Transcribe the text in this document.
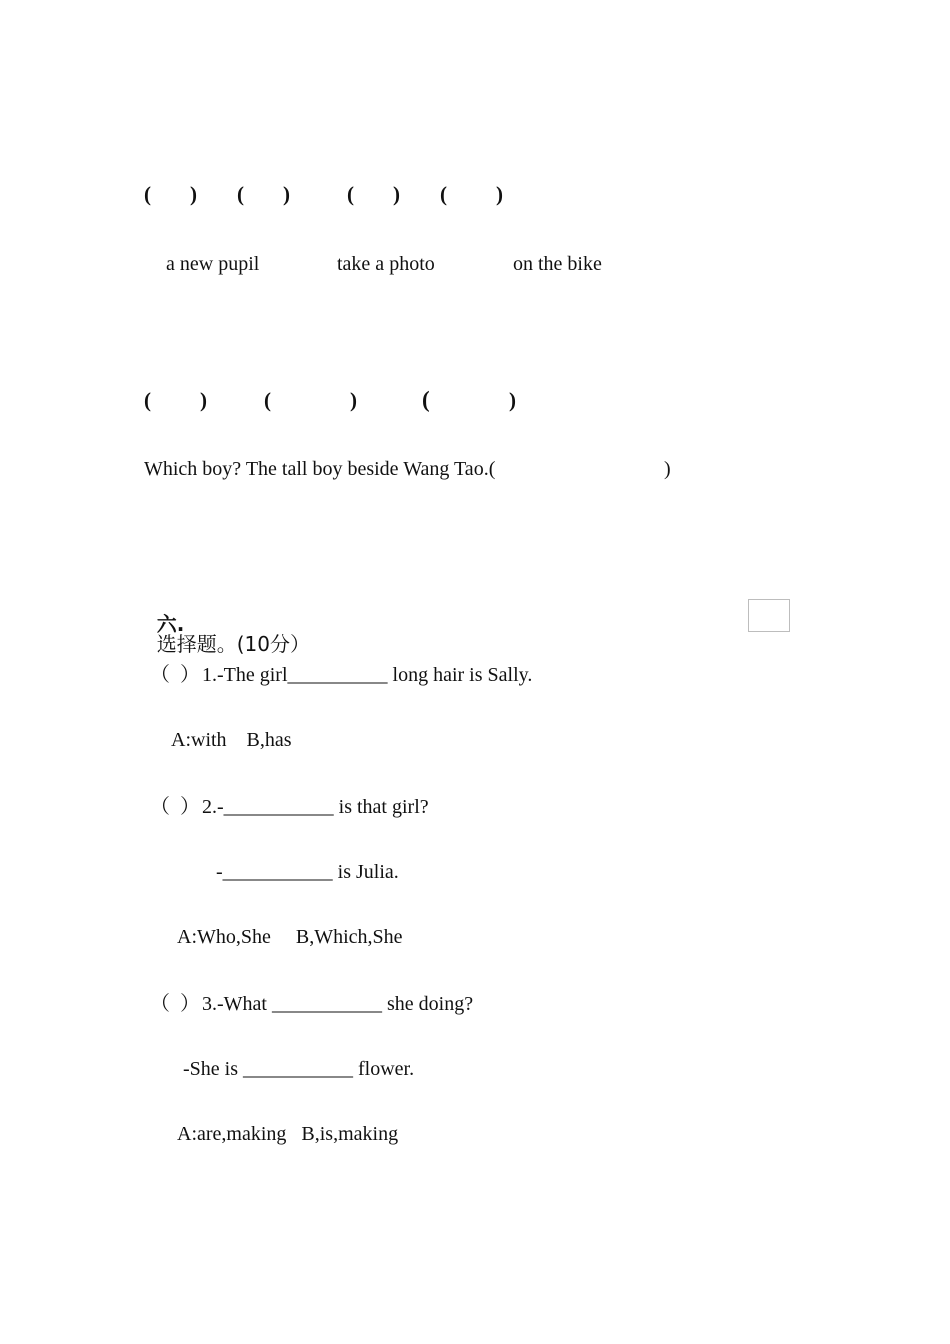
( ) ( )	( ) ( )
a new pupil	take a photo	on the bike
( )	(	)	(	)
Which boy? The tall boy beside Wang Tao.(	)

六.
选择题。(10分）

（  ） 1.-The girl__________ long hair is Sally.
A:with    B,has
（  ） 2.-___________ is that girl?
-___________ is Julia.
A:Who,She     B,Which,She
（  ） 3.-What ___________ she doing?
-She is ___________ flower.
A:are,making   B,is,making
